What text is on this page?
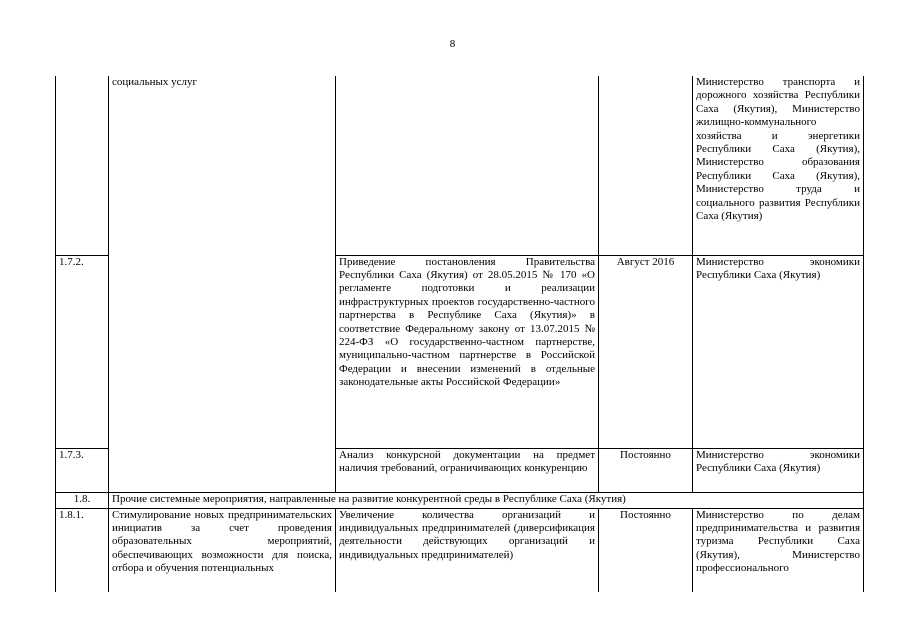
8
	социальных услуг			Министерство транспорта и дорожного хозяйства Республики Саха (Якутия), Министерство жилищно-коммунального хозяйства и энергетики Республики Саха (Якутия), Министерство образования Республики Саха (Якутия), Министерство труда и социального развития Республики Саха (Якутия)
1.7.2.		Приведение постановления Правительства Республики Саха (Якутия) от 28.05.2015 № 170 «О регламенте подготовки и реализации инфраструктурных проектов государственно-частного партнерства в Республике Саха (Якутия)» в соответствие Федеральному закону от 13.07.2015 № 224-ФЗ «О государственно-частном партнерстве, муниципально-частном партнерстве в Российской Федерации и внесении изменений в отдельные законодательные акты Российской Федерации»	Август 2016	Министерство экономики Республики Саха (Якутия)
1.7.3.		Анализ конкурсной документации на предмет наличия требований, ограничивающих конкуренцию	Постоянно	Министерство экономики Республики Саха (Якутия)
1.8.	Прочие системные мероприятия, направленные на развитие конкурентной среды в Республике Саха (Якутия)			
1.8.1.	Стимулирование новых предпринимательских инициатив за счет проведения образовательных мероприятий, обеспечивающих возможности для поиска, отбора и обучения потенциальных	Увеличение количества организаций и индивидуальных предпринимателей (диверсификация деятельности действующих организаций и индивидуальных предпринимателей)	Постоянно	Министерство по делам предпринимательства и развития туризма Республики Саха (Якутия), Министерство профессионального
